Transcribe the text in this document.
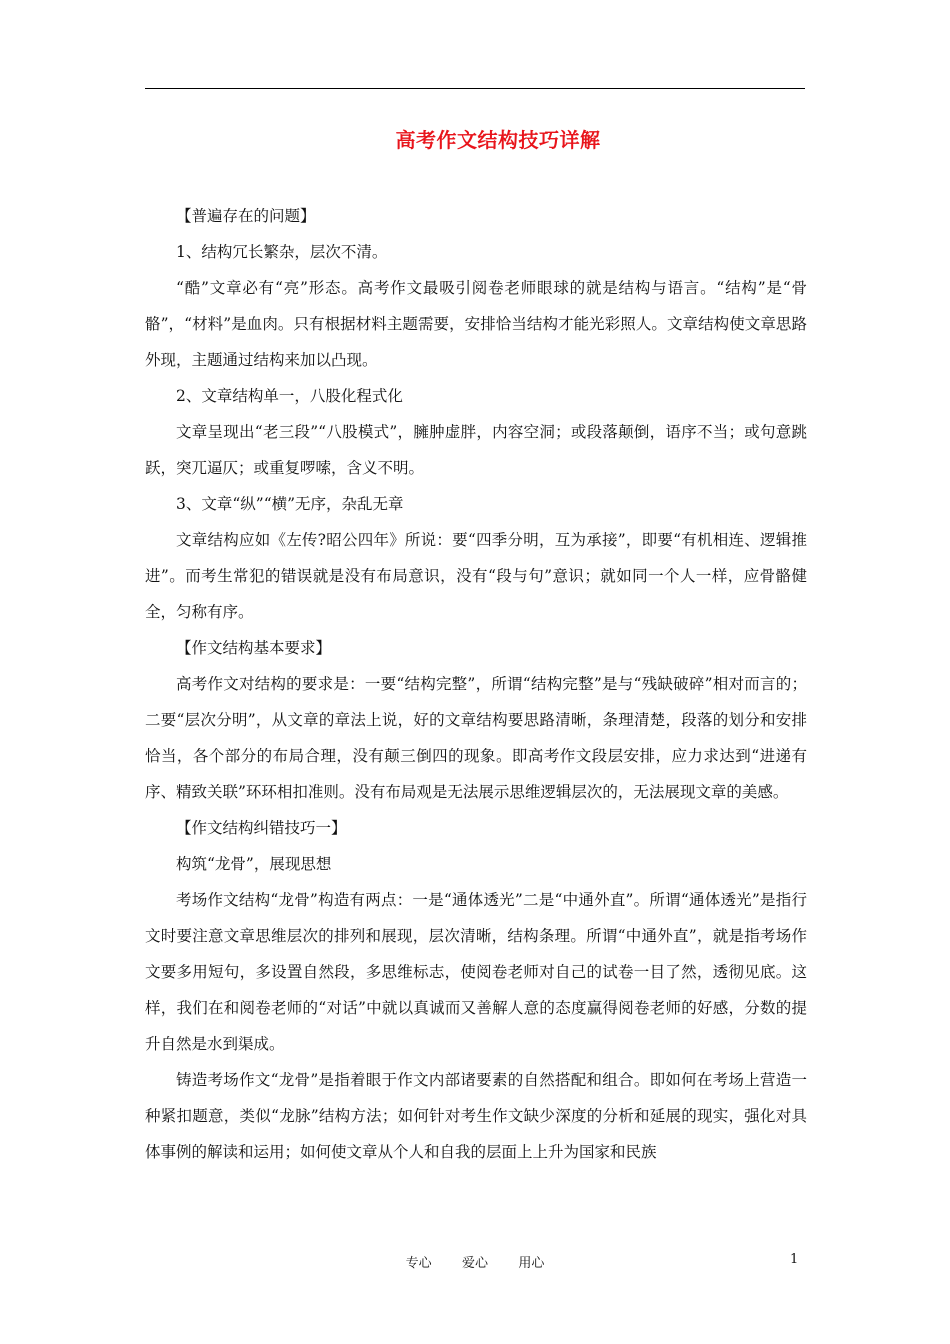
高考作文结构技巧详解

【普遍存在的问题】

1、结构冗长繁杂，层次不清。

“酷”文章必有“亮”形态。高考作文最吸引阅卷老师眼球的就是结构与语言。“结构”是“骨骼”，“材料”是血肉。只有根据材料主题需要，安排恰当结构才能光彩照人。文章结构使文章思路外现，主题通过结构来加以凸现。

2、文章结构单一，八股化程式化

文章呈现出“老三段”“八股模式”，臃肿虚胖，内容空洞；或段落颠倒，语序不当；或句意跳跃，突兀逼仄；或重复啰嗦，含义不明。

3、文章“纵”“横”无序，杂乱无章

文章结构应如《左传?昭公四年》所说：要“四季分明，互为承接”，即要“有机相连、逻辑推进”。而考生常犯的错误就是没有布局意识，没有“段与句”意识；就如同一个人一样，应骨骼健全，匀称有序。

【作文结构基本要求】

高考作文对结构的要求是：一要“结构完整”，所谓“结构完整”是与“残缺破碎”相对而言的；二要“层次分明”，从文章的章法上说，好的文章结构要思路清晰，条理清楚，段落的划分和安排恰当，各个部分的布局合理，没有颠三倒四的现象。即高考作文段层安排，应力求达到“进递有序、精致关联”环环相扣准则。没有布局观是无法展示思维逻辑层次的，无法展现文章的美感。

【作文结构纠错技巧一】

构筑“龙骨”，展现思想

考场作文结构“龙骨”构造有两点：一是“通体透光”二是“中通外直”。所谓“通体透光”是指行文时要注意文章思维层次的排列和展现，层次清晰，结构条理。所谓“中通外直”，就是指考场作文要多用短句，多设置自然段，多思维标志，使阅卷老师对自己的试卷一目了然，透彻见底。这样，我们在和阅卷老师的“对话”中就以真诚而又善解人意的态度赢得阅卷老师的好感，分数的提升自然是水到渠成。

铸造考场作文“龙骨”是指着眼于作文内部诸要素的自然搭配和组合。即如何在考场上营造一种紧扣题意，类似“龙脉”结构方法；如何针对考生作文缺少深度的分析和延展的现实，强化对具体事例的解读和运用；如何使文章从个人和自我的层面上上升为国家和民族

专心   爱心   用心	1
